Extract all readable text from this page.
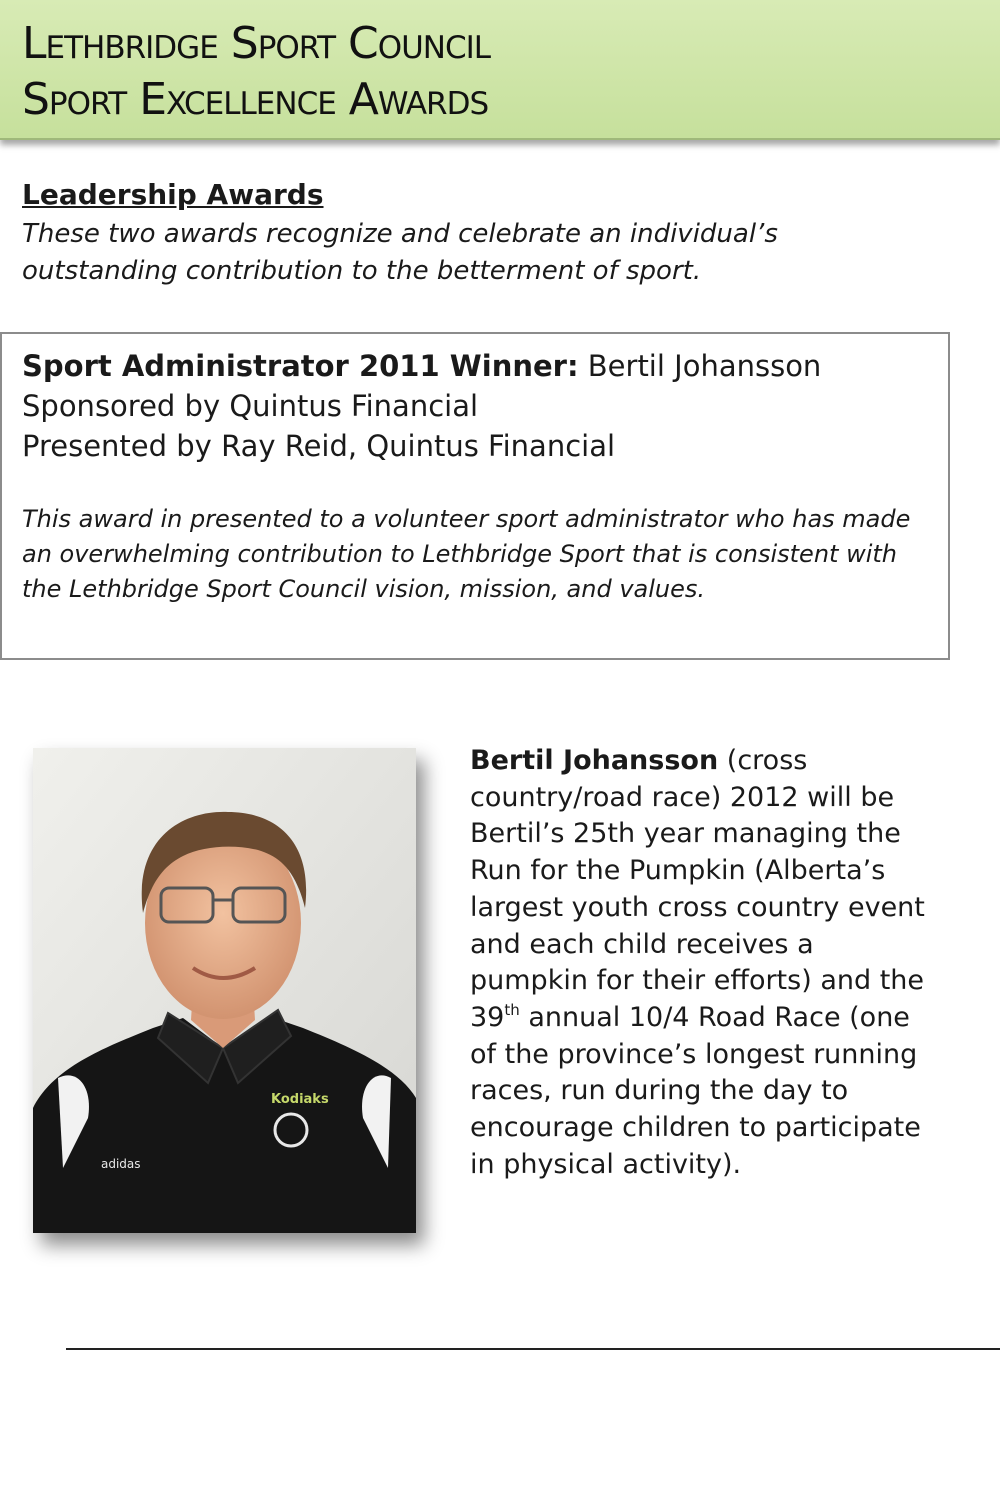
Lethbridge Sport Council
Sport Excellence Awards
Leadership Awards

These two awards recognize and celebrate an individual’s outstanding contribution to the betterment of sport.

Sport Administrator 2011 Winner: Bertil Johansson

Sponsored by Quintus Financial

Presented by Ray Reid, Quintus Financial

This award in presented to a volunteer sport administrator who has made an overwhelming contribution to Lethbridge Sport that is consistent with the Lethbridge Sport Council vision, mission, and values.

Kodiaks
adidas

Bertil Johansson (cross country/road race) 2012 will be Bertil’s 25th year managing the Run for the Pumpkin (Alberta’s largest youth cross country event and each child receives a pumpkin for their efforts) and the 39th annual 10/4 Road Race (one of the province’s longest running races, run during the day to encourage children to participate in physical activity).
